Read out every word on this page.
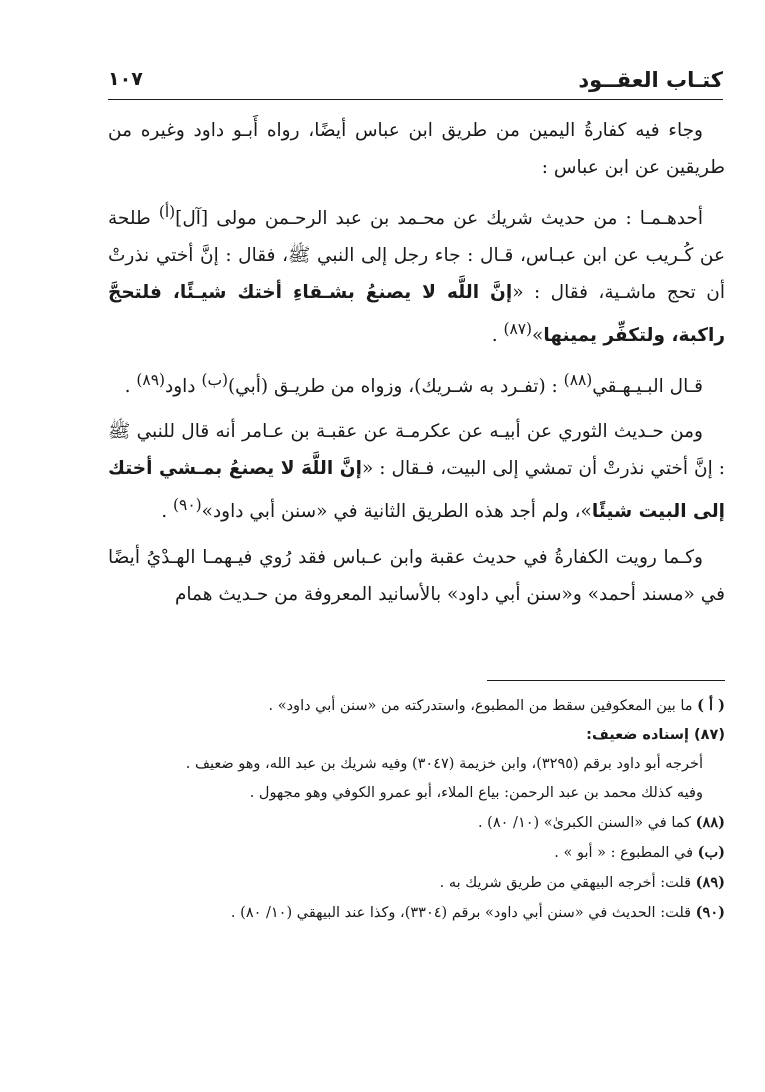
كتـاب العقــود
١٠٧

وجاء فيه كفارةُ اليمين من طريق ابن عباس أيضًا، رواه أَبـو داود وغيره من طريقين عن ابن عباس :

أحدهـمـا : من حديث شريك عن محـمد بن عبد الرحـمن مولى [آل]$^{(أ)}$ طلحة عن كُـريب عن ابن عبـاس، قـال : جاء رجل إلى النبي ﷺ، فقال : إنَّ أختي نذرتْ أن تحج ماشـية، فقال : «إنَّ اللَّه لا يصنعُ بشـقاءِ أختك شيـئًا، فلتحجَّ راكبة، ولتكفِّر يمينها»$^{(٨٧)}$ .

قـال البـيـهـقي$^{(٨٨)}$ : (تفـرد به شـريك)، وزواه من طريـق (أبي)$^{(ب)}$ داود$^{(٨٩)}$ .

ومن حـديث الثوري عن أبيـه عن عكرمـة عن عقبـة بن عـامر أنه قال للنبي ﷺ : إنَّ أختي نذرتْ أن تمشي إلى البيت، فـقال : «إنَّ اللَّهَ لا يصنعُ بمـشي أختك إلى البيت شيئًا»، ولم أجد هذه الطريق الثانية في «سنن أبي داود»$^{(٩٠)}$ .

وكـما رويت الكفارةُ في حديث عقبة وابن عـباس فقد رُوي فيـهمـا الهـدْيُ أيضًا في «مسند أحمد» و«سنن أبي داود» بالأسانيد المعروفة من حـديث همام

( أ ) ما بين المعكوفين سقط من المطبوع، واستدركته من «سنن أبي داود» .

(٨٧) إسناده ضعيف:

أخرجه أبو داود برقم (٣٢٩٥)، وابن خزيمة (٣٠٤٧) وفيه شريك بن عبد الله، وهو ضعيف .

وفيه كذلك محمد بن عبد الرحمن: بياع الملاء، أبو عمرو الكوفي وهو مجهول .

(٨٨) كما في «السنن الكبرىٰ» (١٠/ ٨٠) .

(ب) في المطبوع : « أبو » .

(٨٩) قلت: أخرجه البيهقي من طريق شريك به .

(٩٠) قلت: الحديث في «سنن أبي داود» برقم (٣٣٠٤)، وكذا عند البيهقي (١٠/ ٨٠) .
